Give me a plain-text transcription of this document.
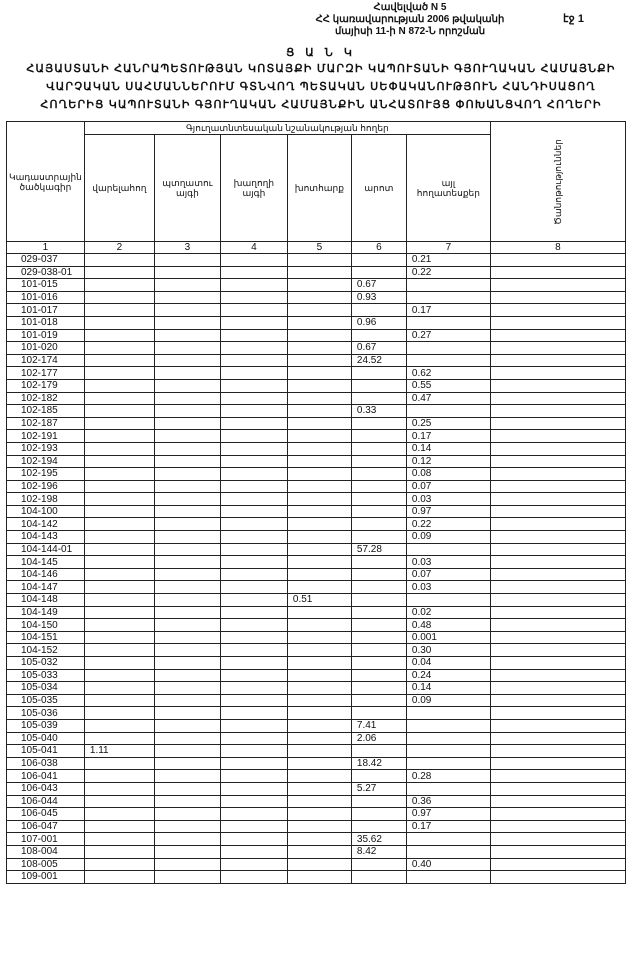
Հավելված N 5
ՀՀ կառավարության 2006 թվականի
մայիսի 11-ի N 872-Ն որոշման
էջ 1
Ց Ա Ն Կ
ՀԱՅԱՍՏԱՆԻ ՀԱՆՐԱՊԵՏՈՒԹՅԱՆ ԿՈՏԱՅՔԻ ՄԱՐԶԻ ԿԱՊՈՒՏԱՆԻ ԳՅՈՒՂԱԿԱՆ ՀԱՄԱՅՆՔԻ
ՎԱՐՉԱԿԱՆ ՍԱՀՄԱՆՆԵՐՈՒՄ ԳՏՆՎՈՂ ՊԵՏԱԿԱՆ ՍԵՓԱԿԱՆՈՒԹՅՈՒՆ ՀԱՆԴԻՍԱՑՈՂ
ՀՈՂԵՐԻՑ ԿԱՊՈՒՏԱՆԻ ԳՅՈՒՂԱԿԱՆ ՀԱՄԱՅՆՔԻՆ ԱՆՀԱՏՈՒՅՑ ՓՈԽԱՆՑՎՈՂ ՀՈՂԵՐԻ
Կադաստրային ծածկագիր	Գյուղատնտեսական նշանակության հողեր						Ծանոթություններ
	վարելահող	պտղատու այգի	խաղողի այգի	խոտհարք	արոտ	այլ հողատեսքեր	
1	2	3	4	5	6	7	8
029-037						0.21	
029-038-01						0.22	
101-015					0.67		
101-016					0.93		
101-017						0.17	
101-018					0.96		
101-019						0.27	
101-020					0.67		
102-174					24.52		
102-177						0.62	
102-179						0.55	
102-182						0.47	
102-185					0.33		
102-187						0.25	
102-191						0.17	
102-193						0.14	
102-194						0.12	
102-195						0.08	
102-196						0.07	
102-198						0.03	
104-100						0.97	
104-142						0.22	
104-143						0.09	
104-144-01					57.28		
104-145						0.03	
104-146						0.07	
104-147						0.03	
104-148				0.51			
104-149						0.02	
104-150						0.48	
104-151						0.001	
104-152						0.30	
105-032						0.04	
105-033						0.24	
105-034						0.14	
105-035						0.09	
105-036							
105-039					7.41		
105-040					2.06		
105-041	1.11						
106-038					18.42		
106-041						0.28	
106-043					5.27		
106-044						0.36	
106-045						0.97	
106-047						0.17	
107-001					35.62		
108-004					8.42		
108-005						0.40	
109-001							
